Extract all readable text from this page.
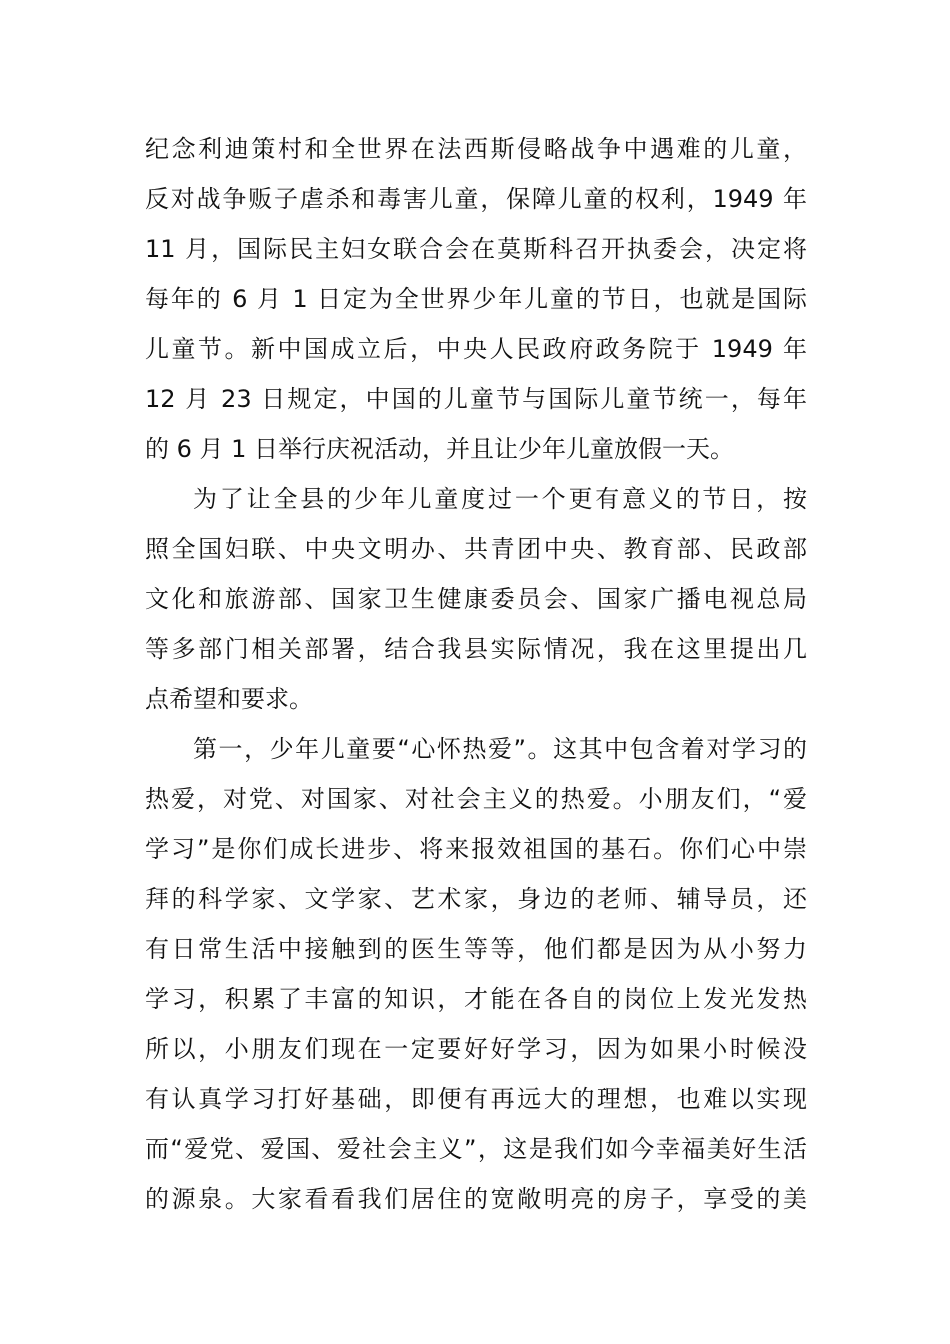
纪念利迪策村和全世界在法西斯侵略战争中遇难的儿童，
反对战争贩子虐杀和毒害儿童，保障儿童的权利，1949 年
11 月，国际民主妇女联合会在莫斯科召开执委会，决定将
每年的 6 月 1 日定为全世界少年儿童的节日，也就是国际
儿童节。新中国成立后，中央人民政府政务院于 1949 年
12 月 23 日规定，中国的儿童节与国际儿童节统一，每年
的 6 月 1 日举行庆祝活动，并且让少年儿童放假一天。
为了让全县的少年儿童度过一个更有意义的节日，按
照全国妇联、中央文明办、共青团中央、教育部、民政部
文化和旅游部、国家卫生健康委员会、国家广播电视总局
等多部门相关部署，结合我县实际情况，我在这里提出几
点希望和要求。
第一，少年儿童要“心怀热爱”。这其中包含着对学习的
热爱，对党、对国家、对社会主义的热爱。小朋友们，“爱
学习”是你们成长进步、将来报效祖国的基石。你们心中崇
拜的科学家、文学家、艺术家，身边的老师、辅导员，还
有日常生活中接触到的医生等等，他们都是因为从小努力
学习，积累了丰富的知识，才能在各自的岗位上发光发热
所以，小朋友们现在一定要好好学习，因为如果小时候没
有认真学习打好基础，即便有再远大的理想，也难以实现
而“爱党、爱国、爱社会主义”，这是我们如今幸福美好生活
的源泉。大家看看我们居住的宽敞明亮的房子，享受的美
